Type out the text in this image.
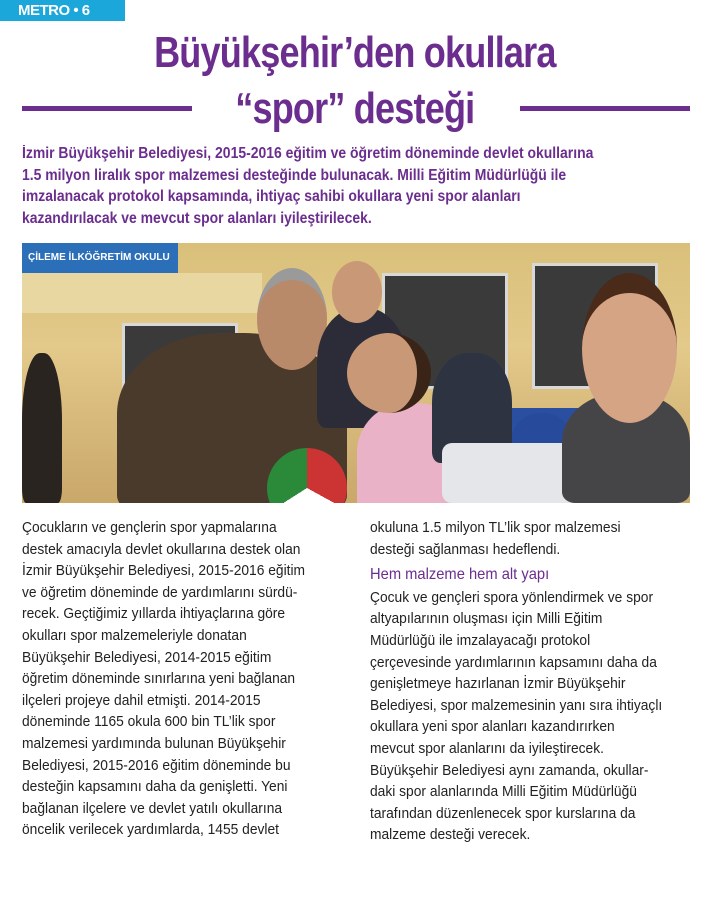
METRO • 6
Büyükşehir’den okullara
“spor” desteği
İzmir Büyükşehir Belediyesi, 2015-2016 eğitim ve öğretim döneminde devlet okullarına
1.5 milyon liralık spor malzemesi desteğinde bulunacak. Milli Eğitim Müdürlüğü ile
imzalanacak protokol kapsamında, ihtiyaç sahibi okullara yeni spor alanları
kazandırılacak ve mevcut spor alanları iyileştirilecek.
ÇİLEME İLKÖĞRETİM OKULU
Çocukların ve gençlerin spor yapmalarına
destek amacıyla devlet okullarına destek olan
İzmir Büyükşehir Belediyesi, 2015-2016 eğitim
ve öğretim döneminde de yardımlarını sürdü-
recek. Geçtiğimiz yıllarda ihtiyaçlarına göre
okulları spor malzemeleriyle donatan
Büyükşehir Belediyesi, 2014-2015 eğitim
öğretim döneminde sınırlarına yeni bağlanan
ilçeleri projeye dahil etmişti. 2014-2015
döneminde 1165 okula 600 bin TL’lik spor
malzemesi yardımında bulunan Büyükşehir
Belediyesi, 2015-2016 eğitim döneminde bu
desteğin kapsamını daha da genişletti. Yeni
bağlanan ilçelere ve devlet yatılı okullarına
öncelik verilecek yardımlarda, 1455 devlet
okuluna 1.5 milyon TL’lik spor malzemesi
desteği sağlanması hedeflendi.
Hem malzeme hem alt yapı
Çocuk ve gençleri spora yönlendirmek ve spor
altyapılarının oluşması için Milli Eğitim
Müdürlüğü ile imzalayacağı protokol
çerçevesinde yardımlarının kapsamını daha da
genişletmeye hazırlanan İzmir Büyükşehir
Belediyesi, spor malzemesinin yanı sıra ihtiyaçlı
okullara yeni spor alanları kazandırırken
mevcut spor alanlarını da iyileştirecek.
Büyükşehir Belediyesi aynı zamanda, okullar-
daki spor alanlarında Milli Eğitim Müdürlüğü
tarafından düzenlenecek spor kurslarına da
malzeme desteği verecek.
